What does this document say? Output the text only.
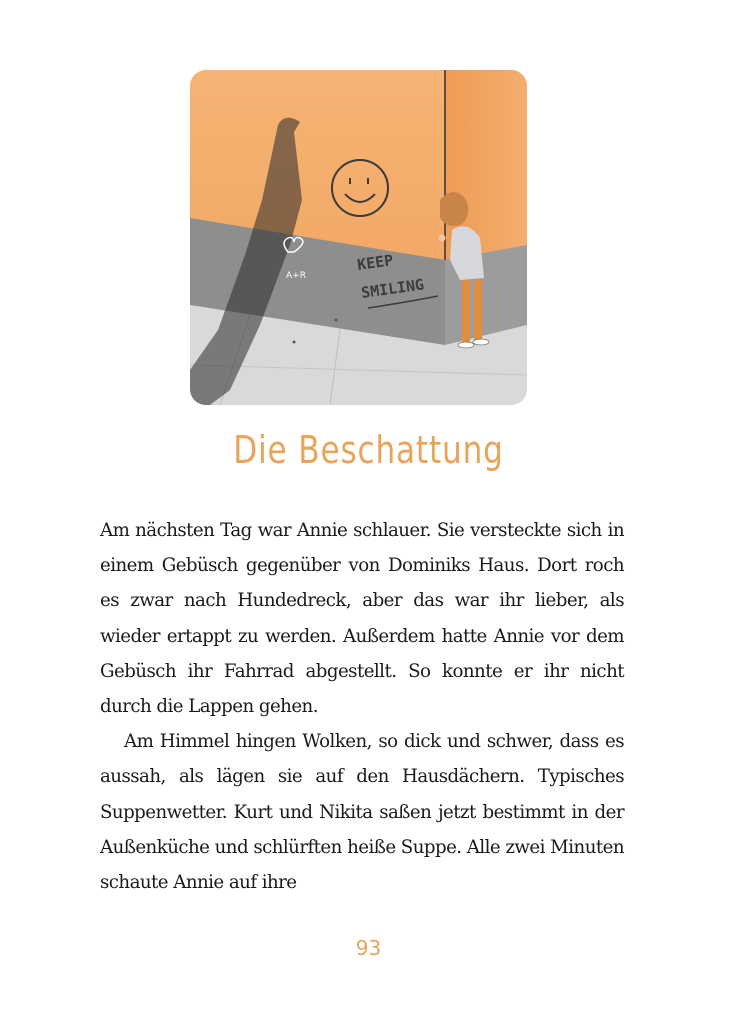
A+R
KEEP
SMILING
Die Beschattung

Am nächsten Tag war Annie schlauer. Sie versteckte sich in einem Gebüsch gegenüber von Dominiks Haus. Dort roch es zwar nach Hundedreck, aber das war ihr lieber, als wieder ertappt zu werden. Außerdem hatte Annie vor dem Gebüsch ihr Fahrrad abgestellt. So konnte er ihr nicht durch die Lappen gehen.

Am Himmel hingen Wolken, so dick und schwer, dass es aussah, als lägen sie auf den Hausdächern. Typisches Suppenwetter. Kurt und Nikita saßen jetzt bestimmt in der Außenküche und schlürften heiße Suppe. Alle zwei Minuten schaute Annie auf ihre

93
